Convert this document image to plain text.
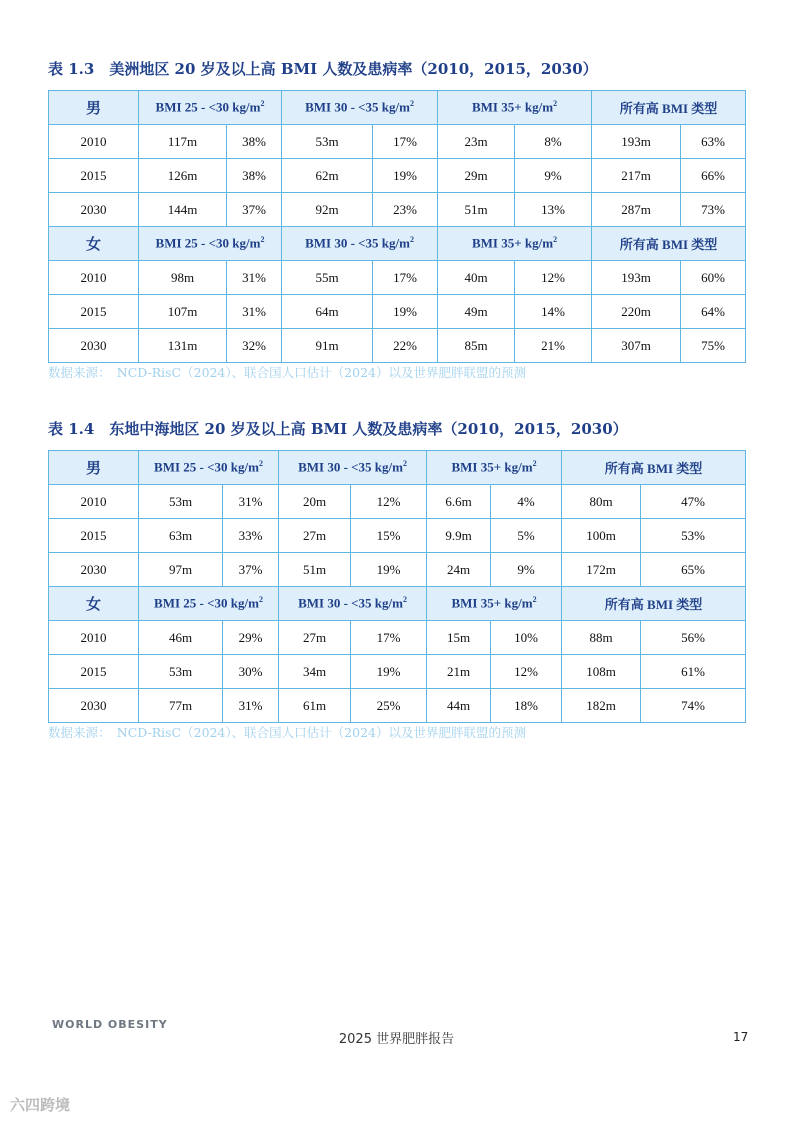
表 1.3　美洲地区 20 岁及以上高 BMI 人数及患病率（2010，2015，2030）
男	BMI 25 - <30 $kg/m^2$		BMI 30 - <35 $kg/m^2$		BMI $35+ kg/m^2$		所有高 BMI 类型	
2010	117m	38%	53m	17%	23m	8%	193m	63%
2015	126m	38%	62m	19%	29m	9%	217m	66%
2030	144m	37%	92m	23%	51m	13%	287m	73%
女	BMI 25 - <30 $kg/m^2$		BMI 30 - <35 $kg/m^2$		BMI $35+ kg/m^2$		所有高 BMI 类型	
2010	98m	31%	55m	17%	40m	12%	193m	60%
2015	107m	31%	64m	19%	49m	14%	220m	64%
2030	131m	32%	91m	22%	85m	21%	307m	75%
数据来源：　NCD-RisC（2024）、联合国人口估计（2024）以及世界肥胖联盟的预测
表 1.4　东地中海地区 20 岁及以上高 BMI 人数及患病率（2010，2015，2030）
男	BMI 25 - <30 $kg/m^2$		BMI 30 - <35 $kg/m^2$		BMI $35+ kg/m^2$		所有高 BMI 类型	
2010	53m	31%	20m	12%	6.6m	4%	80m	47%
2015	63m	33%	27m	15%	9.9m	5%	100m	53%
2030	97m	37%	51m	19%	24m	9%	172m	65%
女	BMI 25 - <30 $kg/m^2$		BMI 30 - <35 $kg/m^2$		BMI $35+ kg/m^2$		所有高 BMI 类型	
2010	46m	29%	27m	17%	15m	10%	88m	56%
2015	53m	30%	34m	19%	21m	12%	108m	61%
2030	77m	31%	61m	25%	44m	18%	182m	74%
数据来源：　NCD-RisC（2024）、联合国人口估计（2024）以及世界肥胖联盟的预测
WORLD OBESITY
2025 世界肥胖报告	17
六四跨境
